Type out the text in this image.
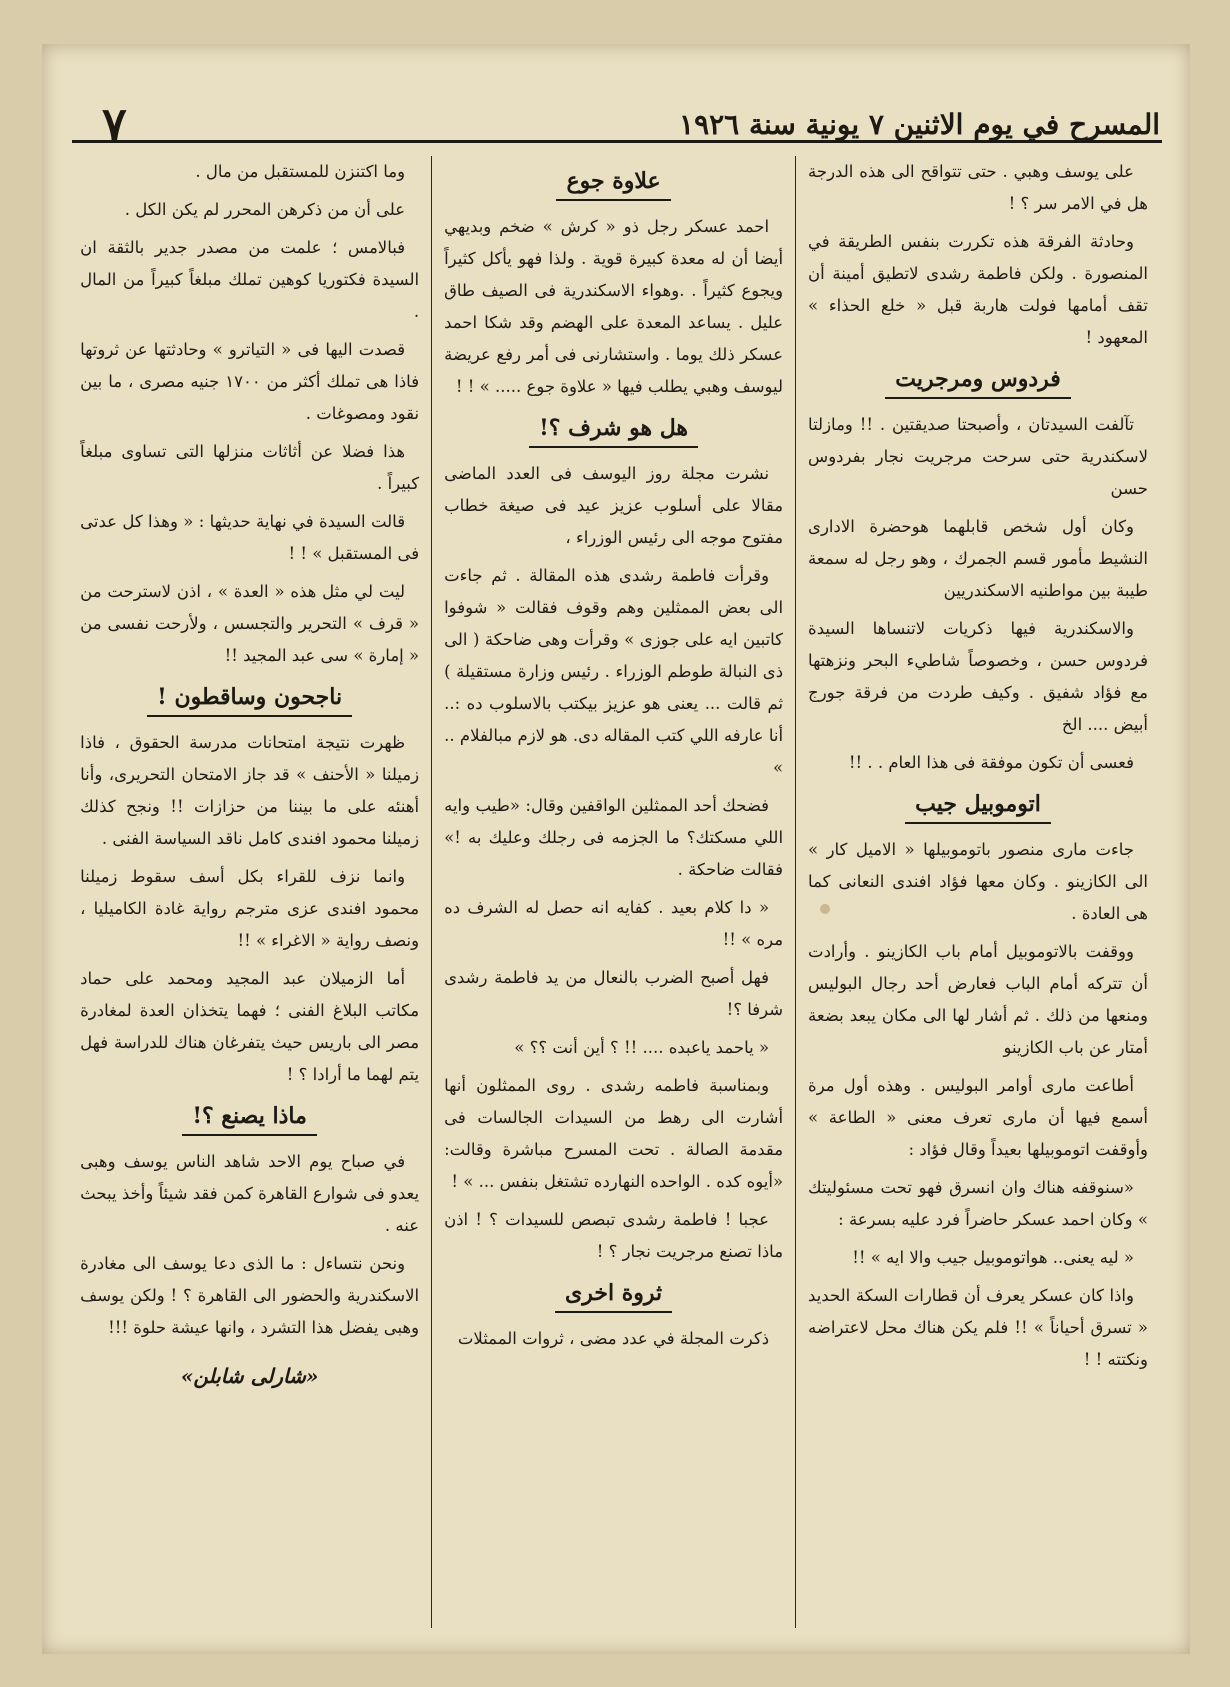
المسرح في يوم الاثنين ٧ يونية سنة ١٩٢٦
٧

على يوسف وهبي . حتى تتواقح الى هذه الدرجة هل في الامر سر ؟ !

وحادثة الفرقة هذه تكررت بنفس الطريقة في المنصورة . ولكن فاطمة رشدى لاتطيق أمينة أن تقف أمامها فولت هاربة قبل « خلع الحذاء » المعهود !

فردوس ومرجريت

تآلفت السيدتان ، وأصبحتا صديقتين . !! ومازلتا لاسكندرية حتى سرحت مرجريت نجار بفردوس حسن

وكان أول شخص قابلهما هوحضرة الادارى النشيط مأمور قسم الجمرك ، وهو رجل له سمعة طيبة بين مواطنيه الاسكندريين

والاسكندرية فيها ذكريات لاتنساها السيدة فردوس حسن ، وخصوصاً شاطيء البحر ونزهتها مع فؤاد شفيق . وكيف طردت من فرقة جورج أبيض .... الخ

فعسى أن تكون موفقة فى هذا العام . . !!

اتوموبيل جيب

جاءت مارى منصور باتوموبيلها « الاميل كار » الى الكازينو . وكان معها فؤاد افندى النعانى كما هى العادة .

ووقفت بالاتوموبيل أمام باب الكازينو . وأرادت أن تتركه أمام الباب فعارض أحد رجال البوليس ومنعها من ذلك . ثم أشار لها الى مكان يبعد بضعة أمتار عن باب الكازينو

أطاعت مارى أوامر البوليس . وهذه أول مرة أسمع فيها أن مارى تعرف معنى « الطاعة » وأوقفت اتوموبيلها بعيداً وقال فؤاد :

«سنوقفه هناك وان انسرق فهو تحت مسئوليتك » وكان احمد عسكر حاضراً فرد عليه بسرعة :

« ليه يعنى.. هواتوموبيل جيب والا ايه » !!

واذا كان عسكر يعرف أن قطارات السكة الحديد « تسرق أحياناً » !! فلم يكن هناك محل لاعتراضه ونكتته ! !

علاوة جوع

احمد عسكر رجل ذو « كرش » ضخم وبديهي أيضا أن له معدة كبيرة قوية . ولذا فهو يأكل كثيراً ويجوع كثيراً . .وهواء الاسكندرية فى الصيف طاق عليل . يساعد المعدة على الهضم وقد شكا احمد عسكر ذلك يوما . واستشارنى فى أمر رفع عريضة ليوسف وهبي يطلب فيها « علاوة جوع ..... » ! !

هل هو شرف ؟!

نشرت مجلة روز اليوسف فى العدد الماضى مقالا على أسلوب عزيز عيد فى صيغة خطاب مفتوح موجه الى رئيس الوزراء ،

وقرأت فاطمة رشدى هذه المقالة . ثم جاءت الى بعض الممثلين وهم وقوف فقالت « شوفوا كاتبين ايه على جوزى » وقرأت وهى ضاحكة ( الى ذى النبالة طوطم الوزراء . رئيس وزارة مستقيلة ) ثم قالت ... يعنى هو عزيز بيكتب بالاسلوب ده :.. أنا عارفه اللي كتب المقاله دى. هو لازم مبالفلام .. »

فضحك أحد الممثلين الواقفين وقال: «طيب وايه اللي مسكتك؟ ما الجزمه فى رجلك وعليك به !» فقالت ضاحكة .

« دا كلام بعيد . كفايه انه حصل له الشرف ده مره » !!

فهل أصبح الضرب بالنعال من يد فاطمة رشدى شرفا ؟!

« ياحمد ياعبده .... !! ؟ أين أنت ؟؟ »

وبمناسبة فاطمه رشدى . روى الممثلون أنها أشارت الى رهط من السيدات الجالسات فى مقدمة الصالة . تحت المسرح مباشرة وقالت: «أيوه كده . الواحده النهارده تشتغل بنفس ... » !

عجبا ! فاطمة رشدى تبصص للسيدات ؟ ! اذن ماذا تصنع مرجريت نجار ؟ !

ثروة اخرى

ذكرت المجلة في عدد مضى ، ثروات الممثلات

وما اكتنزن للمستقبل من مال .

على أن من ذكرهن المحرر لم يكن الكل .

فبالامس ؛ علمت من مصدر جدير بالثقة ان السيدة فكتوريا كوهين تملك مبلغاً كبيراً من المال .

قصدت اليها فى « التياترو » وحادثتها عن ثروتها فاذا هى تملك أكثر من ١٧٠٠ جنيه مصرى ، ما بين نقود ومصوغات .

هذا فضلا عن أثاثات منزلها التى تساوى مبلغاً كبيراً .

قالت السيدة في نهاية حديثها : « وهذا كل عدتى فى المستقبل » ! !

ليت لي مثل هذه « العدة » ، اذن لاسترحت من « قرف » التحرير والتجسس ، ولأرحت نفسى من « إمارة » سى عبد المجيد !!

ناجحون وساقطون !

ظهرت نتيجة امتحانات مدرسة الحقوق ، فاذا زميلنا « الأحنف » قد جاز الامتحان التحريرى، وأنا أهنئه على ما بيننا من حزازات !! ونجح كذلك زميلنا محمود افندى كامل ناقد السياسة الفنى .

وانما نزف للقراء بكل أسف سقوط زميلنا محمود افندى عزى مترجم رواية غادة الكاميليا ، ونصف رواية « الاغراء » !!

أما الزميلان عبد المجيد ومحمد على حماد مكاتب البلاغ الفنى ؛ فهما يتخذان العدة لمغادرة مصر الى باريس حيث يتفرغان هناك للدراسة فهل يتم لهما ما أرادا ؟ !

ماذا يصنع ؟!

في صباح يوم الاحد شاهد الناس يوسف وهبى يعدو فى شوارع القاهرة كمن فقد شيئاً وأخذ يبحث عنه .

ونحن نتساءل : ما الذى دعا يوسف الى مغادرة الاسكندرية والحضور الى القاهرة ؟ ! ولكن يوسف وهبى يفضل هذا التشرد ، وانها عيشة حلوة !!!

«شارلى شابلن»
